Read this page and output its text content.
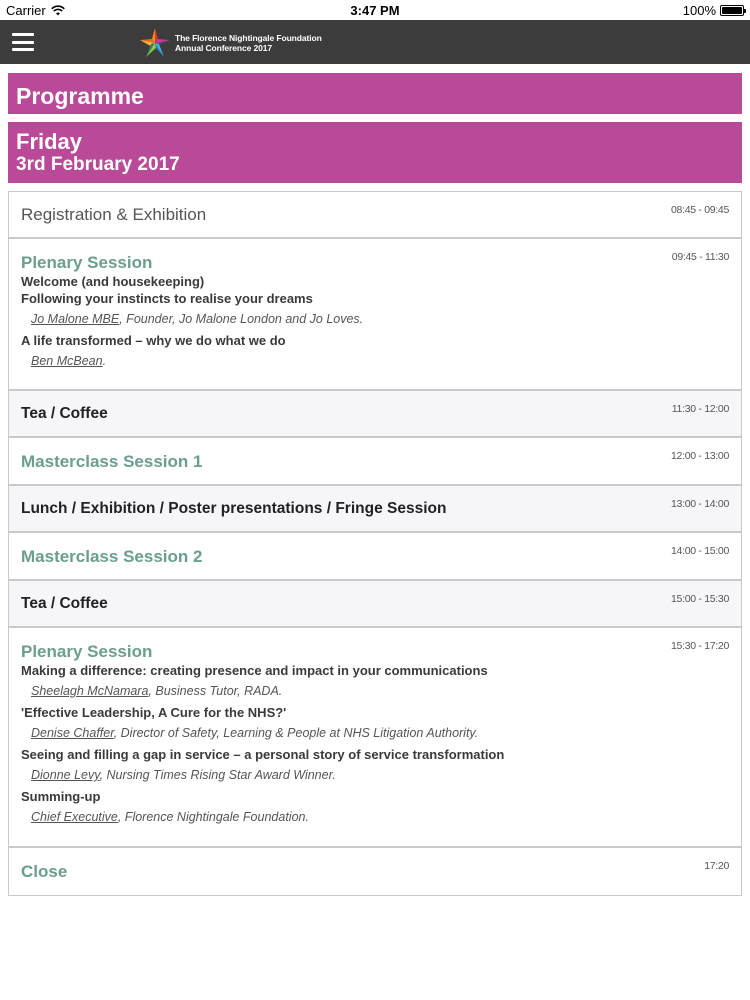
Carrier	3:47 PM	100%
The Florence Nightingale Foundation
Annual Conference 2017
Programme
Friday
3rd February 2017
Registration & Exhibition	08:45 - 09:45
Plenary Session	09:45 - 11:30
Welcome (and housekeeping)
Following your instincts to realise your dreams
Jo Malone MBE, Founder, Jo Malone London and Jo Loves.
A life transformed – why we do what we do
Ben McBean.
Tea / Coffee	11:30 - 12:00
Masterclass Session 1	12:00 - 13:00
Lunch / Exhibition / Poster presentations / Fringe Session	13:00 - 14:00
Masterclass Session 2	14:00 - 15:00
Tea / Coffee	15:00 - 15:30
Plenary Session	15:30 - 17:20
Making a difference: creating presence and impact in your communications
Sheelagh McNamara, Business Tutor, RADA.
'Effective Leadership, A Cure for the NHS?'
Denise Chaffer, Director of Safety, Learning & People at NHS Litigation Authority.
Seeing and filling a gap in service – a personal story of service transformation
Dionne Levy, Nursing Times Rising Star Award Winner.
Summing-up
Chief Executive, Florence Nightingale Foundation.
Close	17:20
